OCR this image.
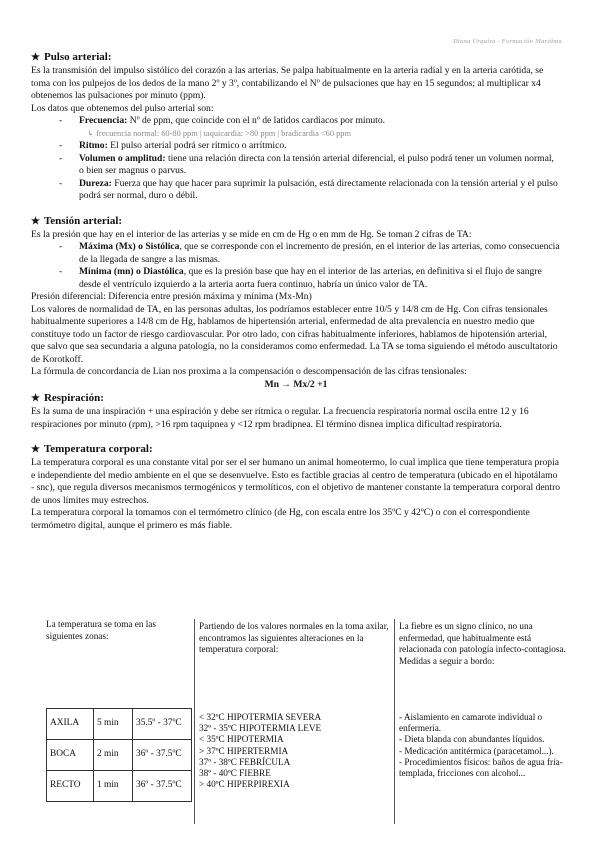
Diana Urquiza - Formación Marítima
★ Pulso arterial:

Es la transmisión del impulso sistólico del corazón a las arterias. Se palpa habitualmente en la arteria radial y en la arteria carótida, se toma con los pulpejos de los dedos de la mano 2º y 3º, contabilizando el Nº de pulsaciones que hay en 15 segundos; al multiplicar x4 obtenemos las pulsaciones por minuto (ppm).

Los datos que obtenemos del pulso arterial son:

- Frecuencia: Nº de ppm, que coincide con el nº de latidos cardiacos por minuto.
↳ frecuencia normal: 60-80 ppm | taquicardia: >80 ppm | bradicardia <60 ppm
- Ritmo: El pulso arterial podrá ser rítmico o arrítmico.
- Volumen o amplitud: tiene una relación directa con la tensión arterial diferencial, el pulso podrá tener un volumen normal, o bien ser magnus o parvus.
- Dureza: Fuerza que hay que hacer para suprimir la pulsación, está directamente relacionada con la tensión arterial y el pulso podrá ser normal, duro o débil.
★ Tensión arterial:

Es la presión que hay en el interior de las arterias y se mide en cm de Hg o en mm de Hg. Se toman 2 cifras de TA:

- Máxima (Mx) o Sistólica, que se corresponde con el incremento de presión, en el interior de las arterias, como consecuencia de la llegada de sangre a las mismas.
- Mínima (mn) o Diastólica, que es la presión base que hay en el interior de las arterias, en definitiva si el flujo de sangre desde el ventrículo izquierdo a la arteria aorta fuera continuo, habría un único valor de TA.

Presión diferencial: Diferencia entre presión máxima y mínima (Mx-Mn)

Los valores de normalidad de TA, en las personas adultas, los podríamos establecer entre 10/5 y 14/8 cm de Hg. Con cifras tensionales habitualmente superiores a 14/8 cm de Hg, hablamos de hipertensión arterial, enfermedad de alta prevalencia en nuestro medio que constituye todo un factor de riesgo cardiovascular. Por otro lado, con cifras habitualmente inferiores, hablamos de hipotensión arterial, que salvo que sea secundaria a alguna patología, no la consideramos como enfermedad. La TA se toma siguiendo el método auscultatorio de Korotkoff.

La fórmula de concordancia de Lian nos proxima a la compensación o descompensación de las cifras tensionales:

Mn → Mx/2 +1

★ Respiración:

Es la suma de una inspiración + una espiración y debe ser rítmica o regular. La frecuencia respiratoria normal oscila entre 12 y 16 respiraciones por minuto (rpm), >16 rpm taquipnea y <12 rpm bradipnea. El término disnea implica dificultad respiratoria.

★ Temperatura corporal:

La temperatura corporal es una constante vital por ser el ser humano un animal homeotermo, lo cual implica que tiene temperatura propia e independiente del medio ambiente en el que se desenvuelve. Esto es factible gracias al centro de temperatura (ubicado en el hipotálamo - snc), que regula diversos mecanismos termogénicos y termolíticos, con el objetivo de mantener constante la temperatura corporal dentro de unos límites muy estrechos.

La temperatura corporal la tomamos con el termómetro clínico (de Hg, con escala entre los 35ºC y 42ºC) o con el correspondiente termómetro digital, aunque el primero es más fiable.

La temperatura se toma en las siguientes zonas:
AXILA	5 min	35.5º - 37ºC
BOCA	2 min	36º - 37.5ºC
RECTO	1 min	36º - 37.5ºC
Partiendo de los valores normales en la toma axilar, encontramos las siguientes alteraciones en la temperatura corporal:
< 32ºC HIPOTERMIA SEVERA
32º - 35ºC HIPOTERMIA LEVE
< 35ºC HIPOTERMIA
> 37ºC HIPERTERMIA
37º - 38ºC FEBRÍCULA
38º - 40ºC FIEBRE
> 40ºC HIPERPIREXIA
La fiebre es un signo clínico, no una enfermedad, que habitualmente está relacionada con patología infecto-contagiosa. Medidas a seguir a bordo:
- Aislamiento en camarote individual o enfermería.
- Dieta blanda con abundantes líquidos.
- Medicación antitérmica (paracetamol...).
- Procedimientos físicos: baños de agua fría-templada, fricciones con alcohol...
